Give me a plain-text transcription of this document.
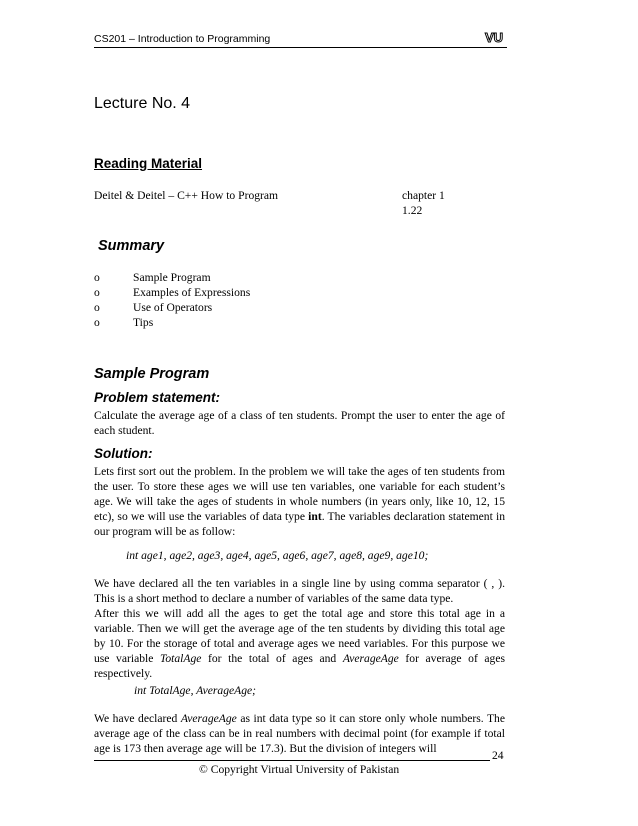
CS201 – Introduction to Programming	VU
Lecture No. 4
Reading Material
Deitel & Deitel – C++ How to Program	chapter 1
1.22
Summary
o	Sample Program
o	Examples of Expressions
o	Use of Operators
o	Tips
Sample Program
Problem statement:

Calculate the average age of a class of ten students. Prompt the user to enter the age of each student.

Solution:

Lets first sort out the problem. In the problem we will take the ages of ten students from the user. To store these ages we will use ten variables, one variable for each student’s age. We will take the ages of students in whole numbers (in years only, like 10, 12, 15 etc), so we will use the variables of data type int. The variables declaration statement in our program will be as follow:

int age1, age2, age3, age4, age5, age6, age7, age8, age9, age10;

We have declared all the ten variables in a single line by using comma separator ( , ). This is a short method to declare a number of variables of the same data type.

After this we will add all the ages to get the total age and store this total age in a variable. Then we will get the average age of the ten students by dividing this total age by 10. For the storage of total and average ages we need variables. For this purpose we use variable TotalAge for the total of ages and AverageAge for average of ages respectively.

int TotalAge, AverageAge;

We have declared AverageAge as int data type so it can store only whole numbers. The average age of the class can be in real numbers with decimal point (for example if total age is 173 then average age will be 17.3). But the division of integers will

24
© Copyright Virtual University of Pakistan
